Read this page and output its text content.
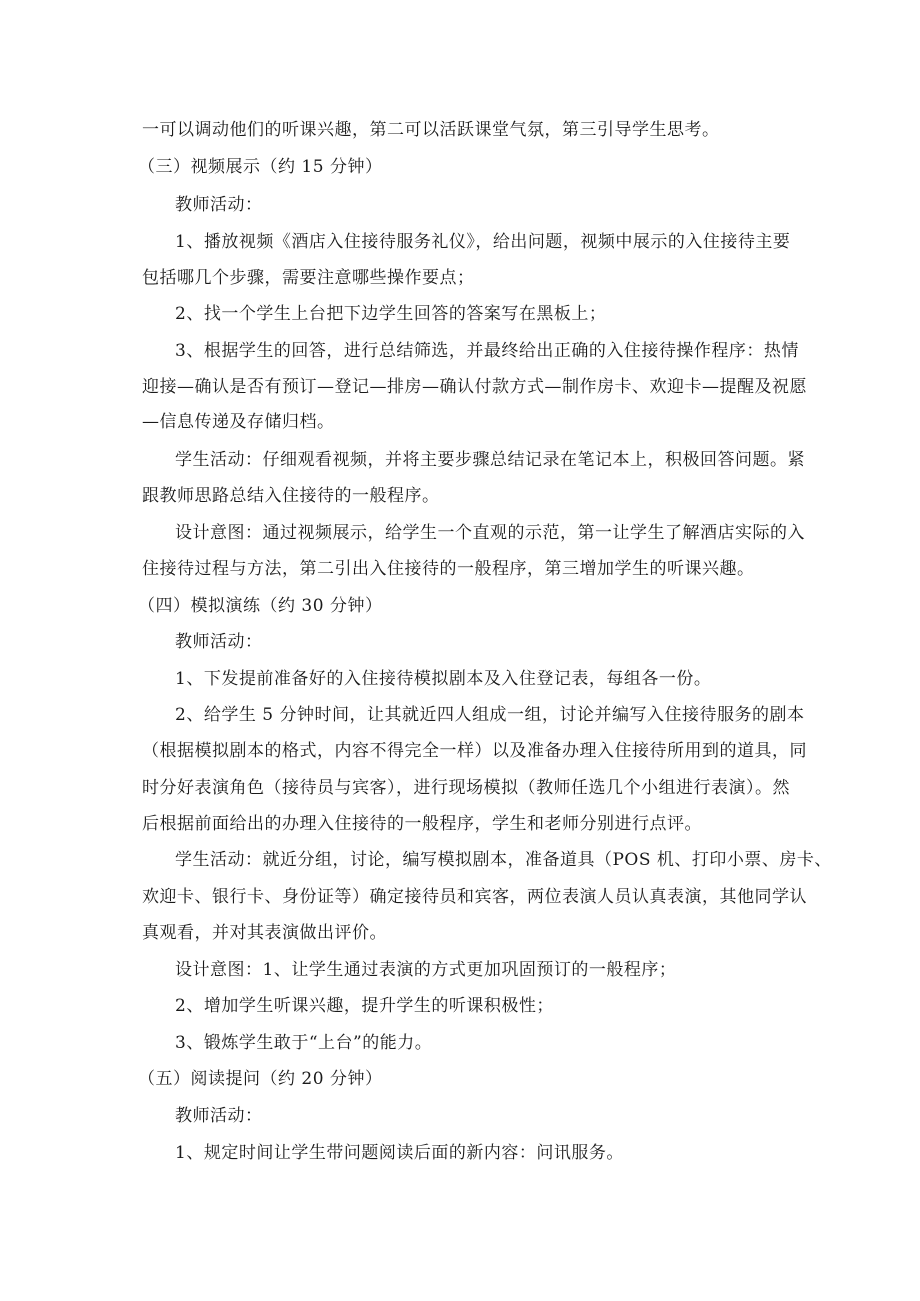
一可以调动他们的听课兴趣，第二可以活跃课堂气氛，第三引导学生思考。

（三）视频展示（约 15 分钟）

教师活动：

1、播放视频《酒店入住接待服务礼仪》，给出问题，视频中展示的入住接待主要

包括哪几个步骤，需要注意哪些操作要点；

2、找一个学生上台把下边学生回答的答案写在黑板上；

3、根据学生的回答，进行总结筛选，并最终给出正确的入住接待操作程序：热情

迎接—确认是否有预订—登记—排房—确认付款方式—制作房卡、欢迎卡—提醒及祝愿

—信息传递及存储归档。

学生活动：仔细观看视频，并将主要步骤总结记录在笔记本上，积极回答问题。紧

跟教师思路总结入住接待的一般程序。

设计意图：通过视频展示，给学生一个直观的示范，第一让学生了解酒店实际的入

住接待过程与方法，第二引出入住接待的一般程序，第三增加学生的听课兴趣。

（四）模拟演练（约 30 分钟）

教师活动：

1、下发提前准备好的入住接待模拟剧本及入住登记表，每组各一份。

2、给学生 5 分钟时间，让其就近四人组成一组，讨论并编写入住接待服务的剧本

（根据模拟剧本的格式，内容不得完全一样）以及准备办理入住接待所用到的道具，同

时分好表演角色（接待员与宾客），进行现场模拟（教师任选几个小组进行表演）。然

后根据前面给出的办理入住接待的一般程序，学生和老师分别进行点评。

学生活动：就近分组，讨论，编写模拟剧本，准备道具（POS 机、打印小票、房卡、

欢迎卡、银行卡、身份证等）确定接待员和宾客，两位表演人员认真表演，其他同学认

真观看，并对其表演做出评价。

设计意图：1、让学生通过表演的方式更加巩固预订的一般程序；

2、增加学生听课兴趣，提升学生的听课积极性；

3、锻炼学生敢于“上台”的能力。

（五）阅读提问（约 20 分钟）

教师活动：

1、规定时间让学生带问题阅读后面的新内容：问讯服务。
